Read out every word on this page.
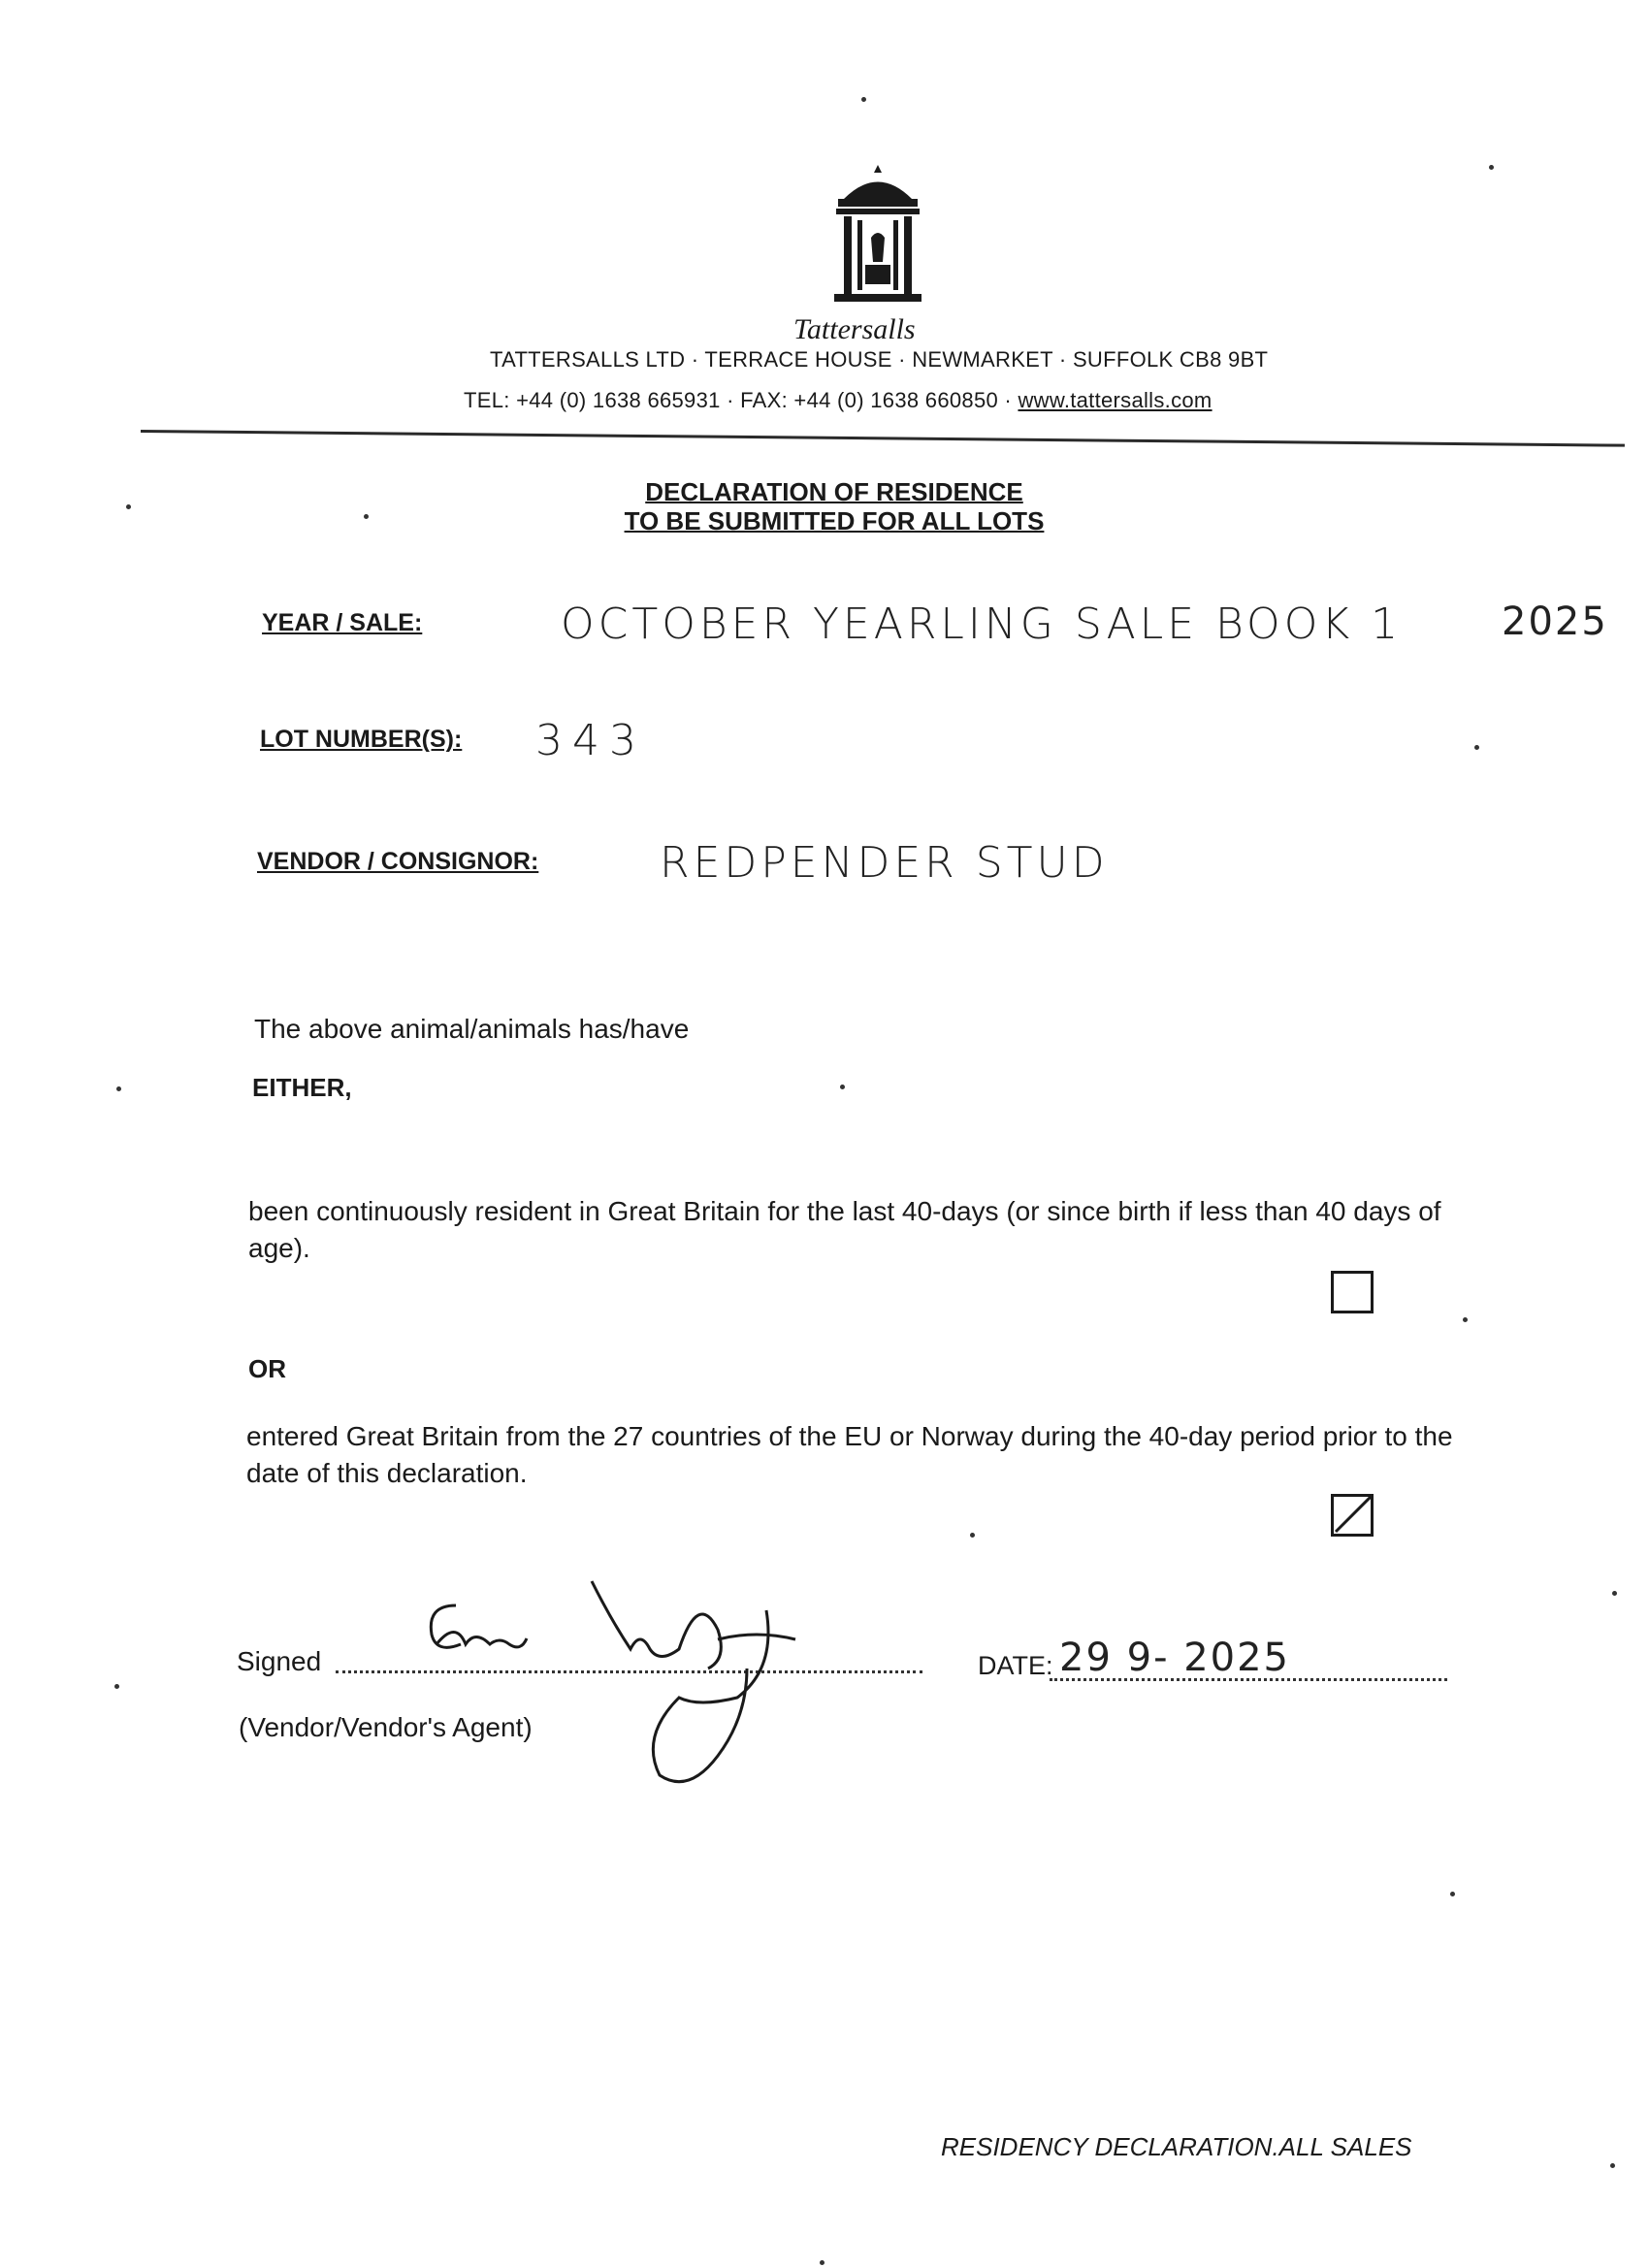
Tattersalls
TATTERSALLS LTD · TERRACE HOUSE · NEWMARKET · SUFFOLK CB8 9BT
TEL: +44 (0) 1638 665931 · FAX: +44 (0) 1638 660850 · www.tattersalls.com
DECLARATION OF RESIDENCE
TO BE SUBMITTED FOR ALL LOTS
YEAR / SALE:	OCTOBER YEARLING SALE BOOK 1	2025
LOT NUMBER(S): 343
VENDOR / CONSIGNOR:	REDPENDER STUD
The above animal/animals has/have
EITHER,
been continuously resident in Great Britain for the last 40-days (or since birth if less than 40 days of age).
OR
entered Great Britain from the 27 countries of the EU or Norway during the 40-day period prior to the date of this declaration.
Signed
(Vendor/Vendor's Agent)
DATE: 29 9- 2025
RESIDENCY DECLARATION.ALL SALES
